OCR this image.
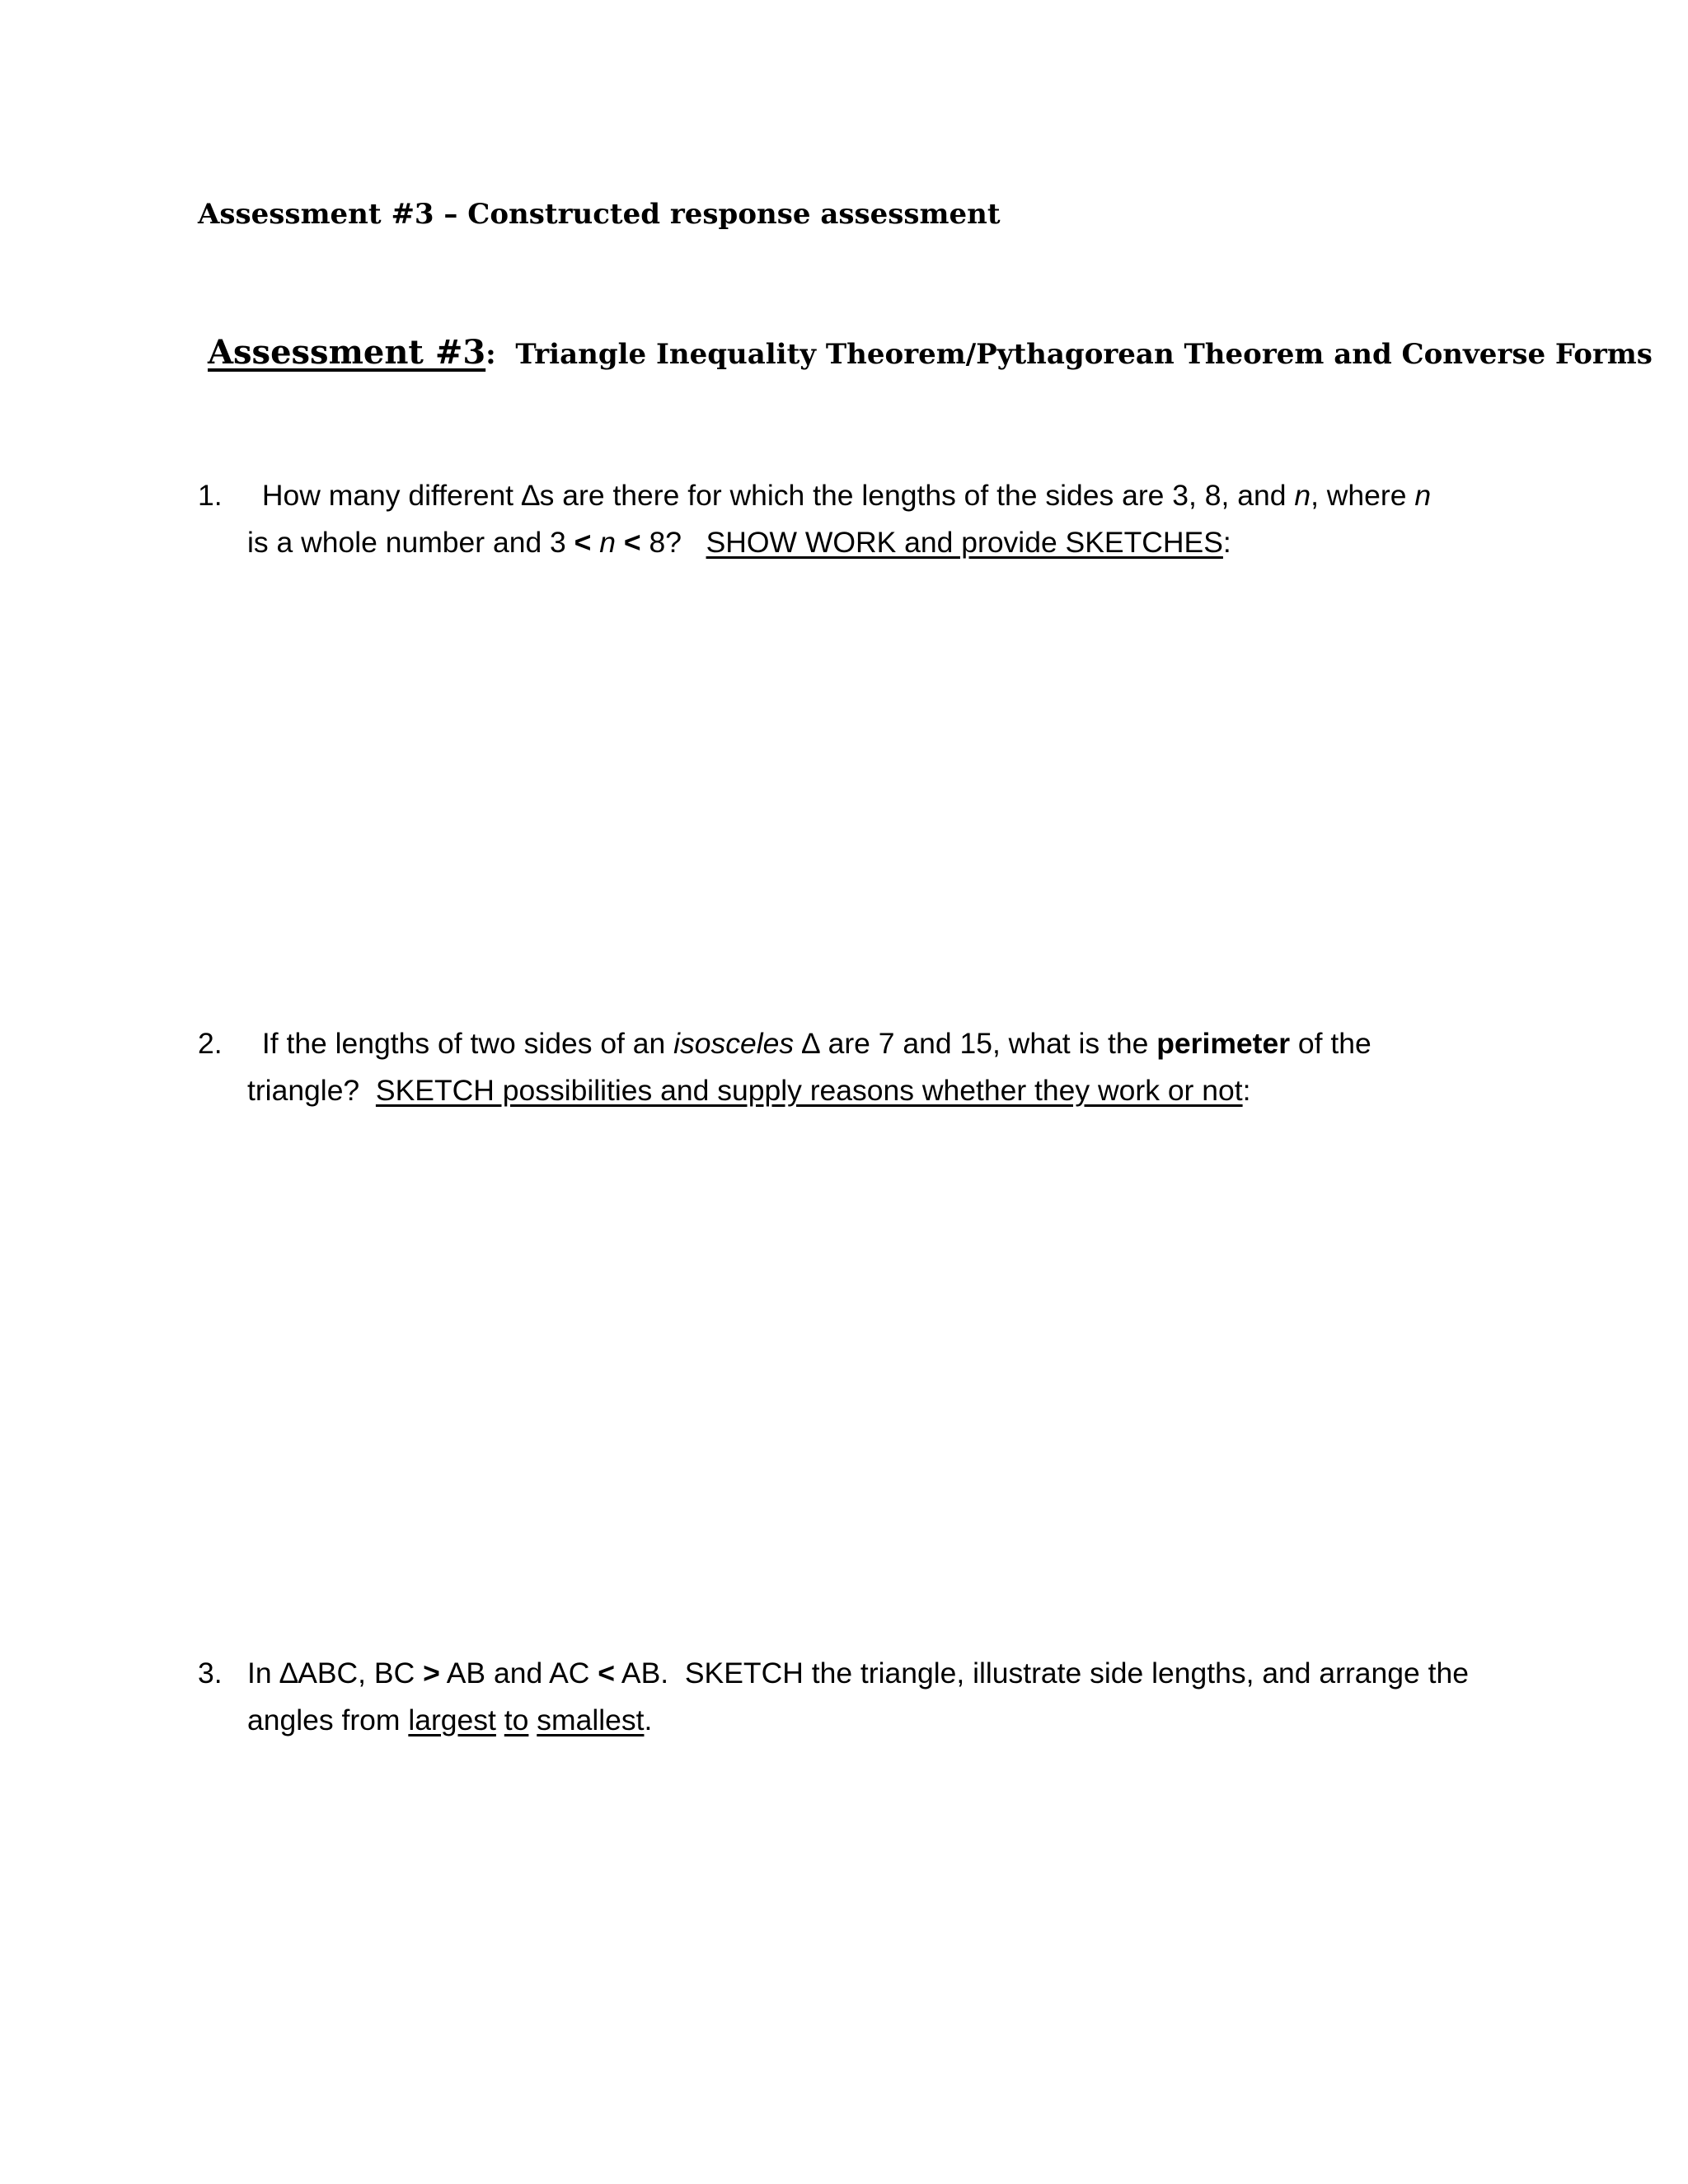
Assessment #3 – Constructed response assessment
Assessment #3:  Triangle Inequality Theorem/Pythagorean Theorem and Converse Forms
1.	How many different ∆s are there for which the lengths of the sides are 3, 8, and n, where n
is a whole number and 3 < n < 8?   SHOW WORK and provide SKETCHES:
2.	If the lengths of two sides of an isosceles ∆ are 7 and 15, what is the perimeter of the
triangle?  SKETCH possibilities and supply reasons whether they work or not:
3. In ∆ABC, BC > AB and AC < AB.  SKETCH the triangle, illustrate side lengths, and arrange the
angles from largest to smallest.
